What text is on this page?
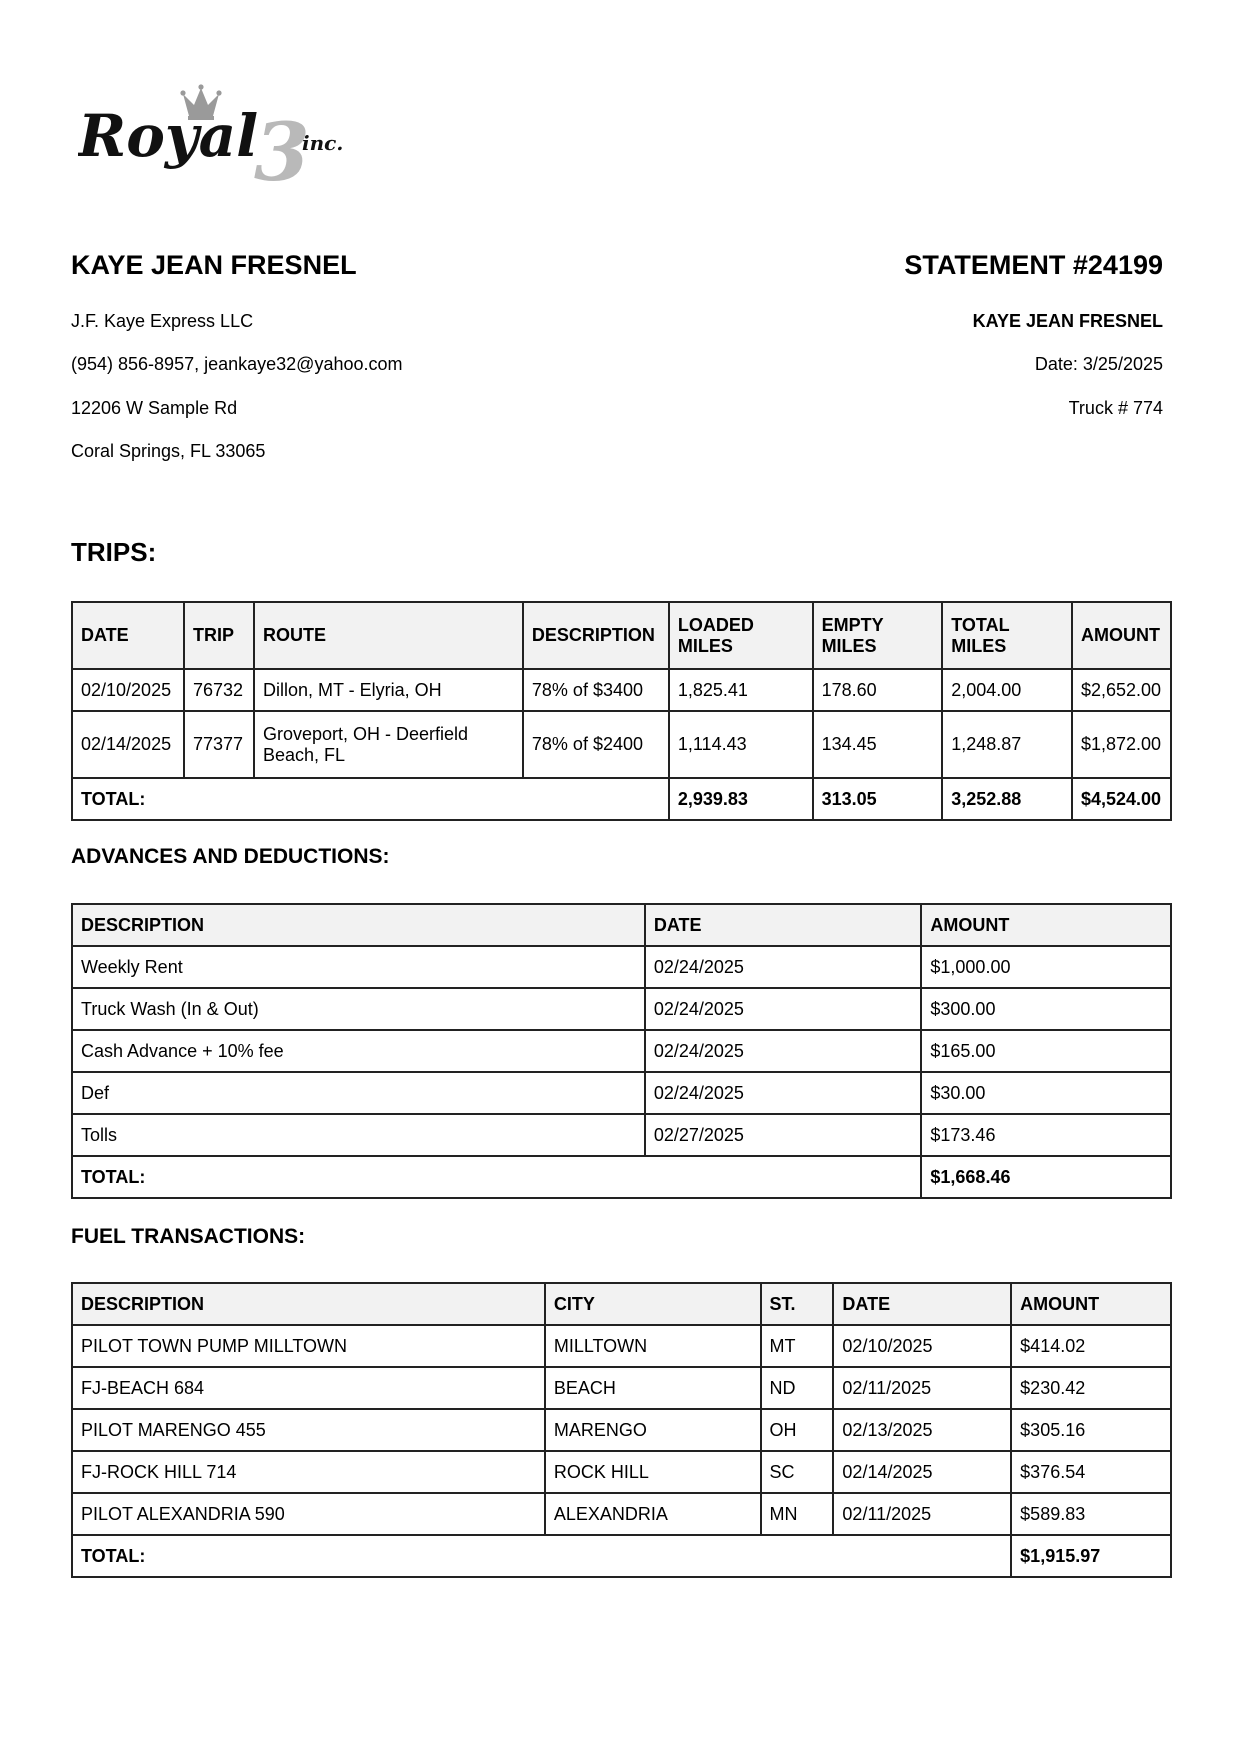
3
Royal inc.
KAYE JEAN FRESNEL
J.F. Kaye Express LLC
(954) 856-8957, jeankaye32@yahoo.com
12206 W Sample Rd
Coral Springs, FL 33065
STATEMENT #24199
KAYE JEAN FRESNEL
Date: 3/25/2025
Truck # 774
TRIPS:
DATE	TRIP	ROUTE	DESCRIPTION	LOADED MILES	EMPTY MILES	TOTAL MILES	AMOUNT
02/10/2025	76732	Dillon, MT - Elyria, OH	78% of $3400	1,825.41	178.60	2,004.00	$2,652.00
02/14/2025	77377	Groveport, OH - Deerfield Beach, FL	78% of $2400	1,114.43	134.45	1,248.87	$1,872.00
TOTAL:				2,939.83	313.05	3,252.88	$4,524.00
ADVANCES AND DEDUCTIONS:
DESCRIPTION	DATE	AMOUNT
Weekly Rent	02/24/2025	$1,000.00
Truck Wash (In & Out)	02/24/2025	$300.00
Cash Advance + 10% fee	02/24/2025	$165.00
Def	02/24/2025	$30.00
Tolls	02/27/2025	$173.46
TOTAL:		$1,668.46
FUEL TRANSACTIONS:
DESCRIPTION	CITY	ST.	DATE	AMOUNT
PILOT TOWN PUMP MILLTOWN	MILLTOWN	MT	02/10/2025	$414.02
FJ-BEACH 684	BEACH	ND	02/11/2025	$230.42
PILOT MARENGO 455	MARENGO	OH	02/13/2025	$305.16
FJ-ROCK HILL 714	ROCK HILL	SC	02/14/2025	$376.54
PILOT ALEXANDRIA 590	ALEXANDRIA	MN	02/11/2025	$589.83
TOTAL:				$1,915.97
